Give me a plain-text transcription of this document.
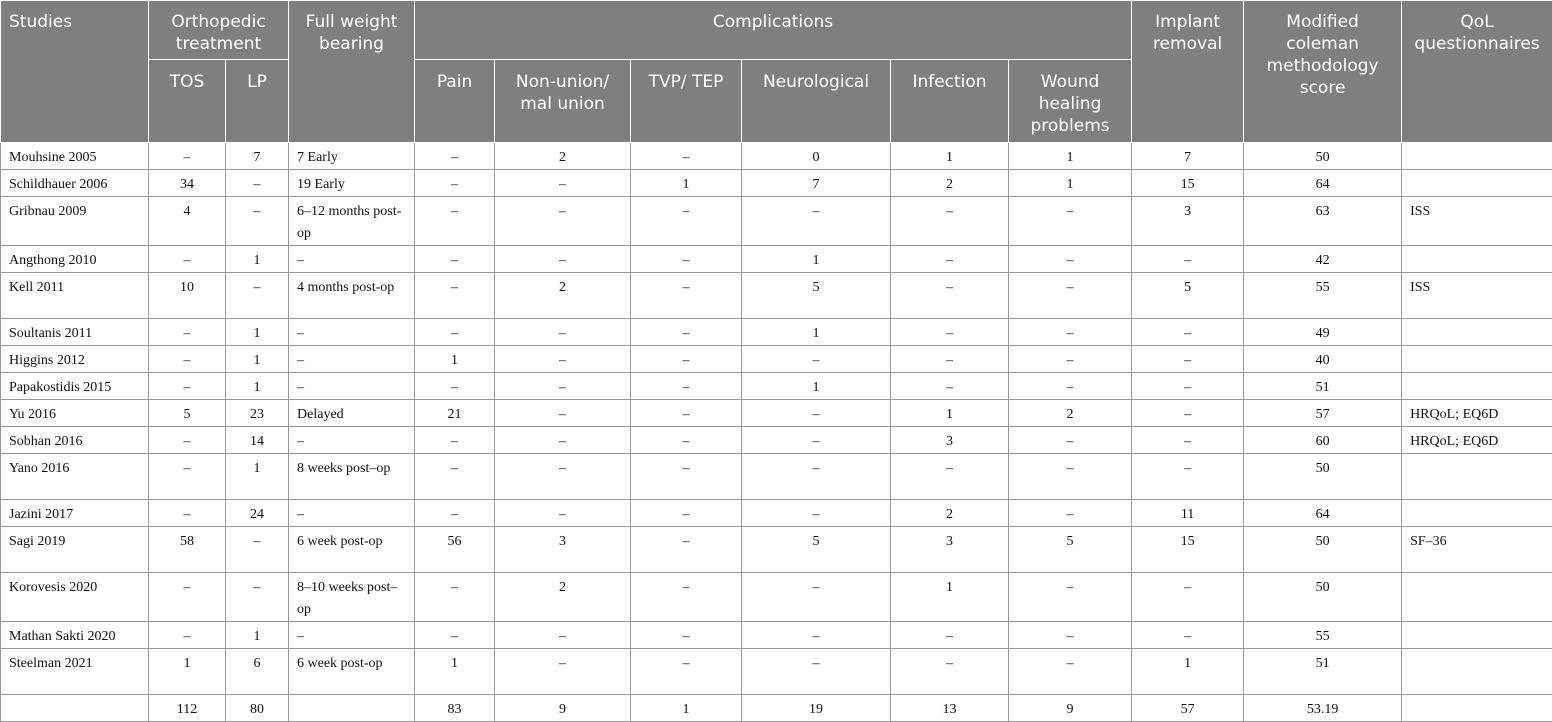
Studies	Orthopedic treatment		Full weight bearing	Complications						Implant removal	Modified coleman methodology score	QoL questionnaires
	TOS	LP		Pain	Non-union/ mal union	TVP/ TEP	Neurological	Infection	Wound healing problems			
Mouhsine 2005	–	7	7 Early	–	2	–	0	1	1	7	50	
Schildhauer 2006	34	–	19 Early	–	–	1	7	2	1	15	64	
Gribnau 2009	4	–	6–12 months post-op	–	–	–	–	–	–	3	63	ISS
Angthong 2010	–	1	–	–	–	–	1	–	–	–	42	
Kell 2011	10	–	4 months post-op	–	2	–	5	–	–	5	55	ISS
Soultanis 2011	–	1	–	–	–	–	1	–	–	–	49	
Higgins 2012	–	1	–	1	–	–	–	–	–	–	40	
Papakostidis 2015	–	1	–	–	–	–	1	–	–	–	51	
Yu 2016	5	23	Delayed	21	–	–	–	1	2	–	57	HRQoL; EQ6D
Sobhan 2016	–	14	–	–	–	–	–	3	–	–	60	HRQoL; EQ6D
Yano 2016	–	1	8 weeks post–op	–	–	–	–	–	–	–	50	
Jazini 2017	–	24	–	–	–	–	–	2	–	11	64	
Sagi 2019	58	–	6 week post-op	56	3	–	5	3	5	15	50	SF–36
Korovesis 2020	–	–	8–10 weeks post–op	–	2	–	–	1	–	–	50	
Mathan Sakti 2020	–	1	–	–	–	–	–	–	–	–	55	
Steelman 2021	1	6	6 week post-op	1	–	–	–	–	–	1	51	
	112	80		83	9	1	19	13	9	57	53.19	
